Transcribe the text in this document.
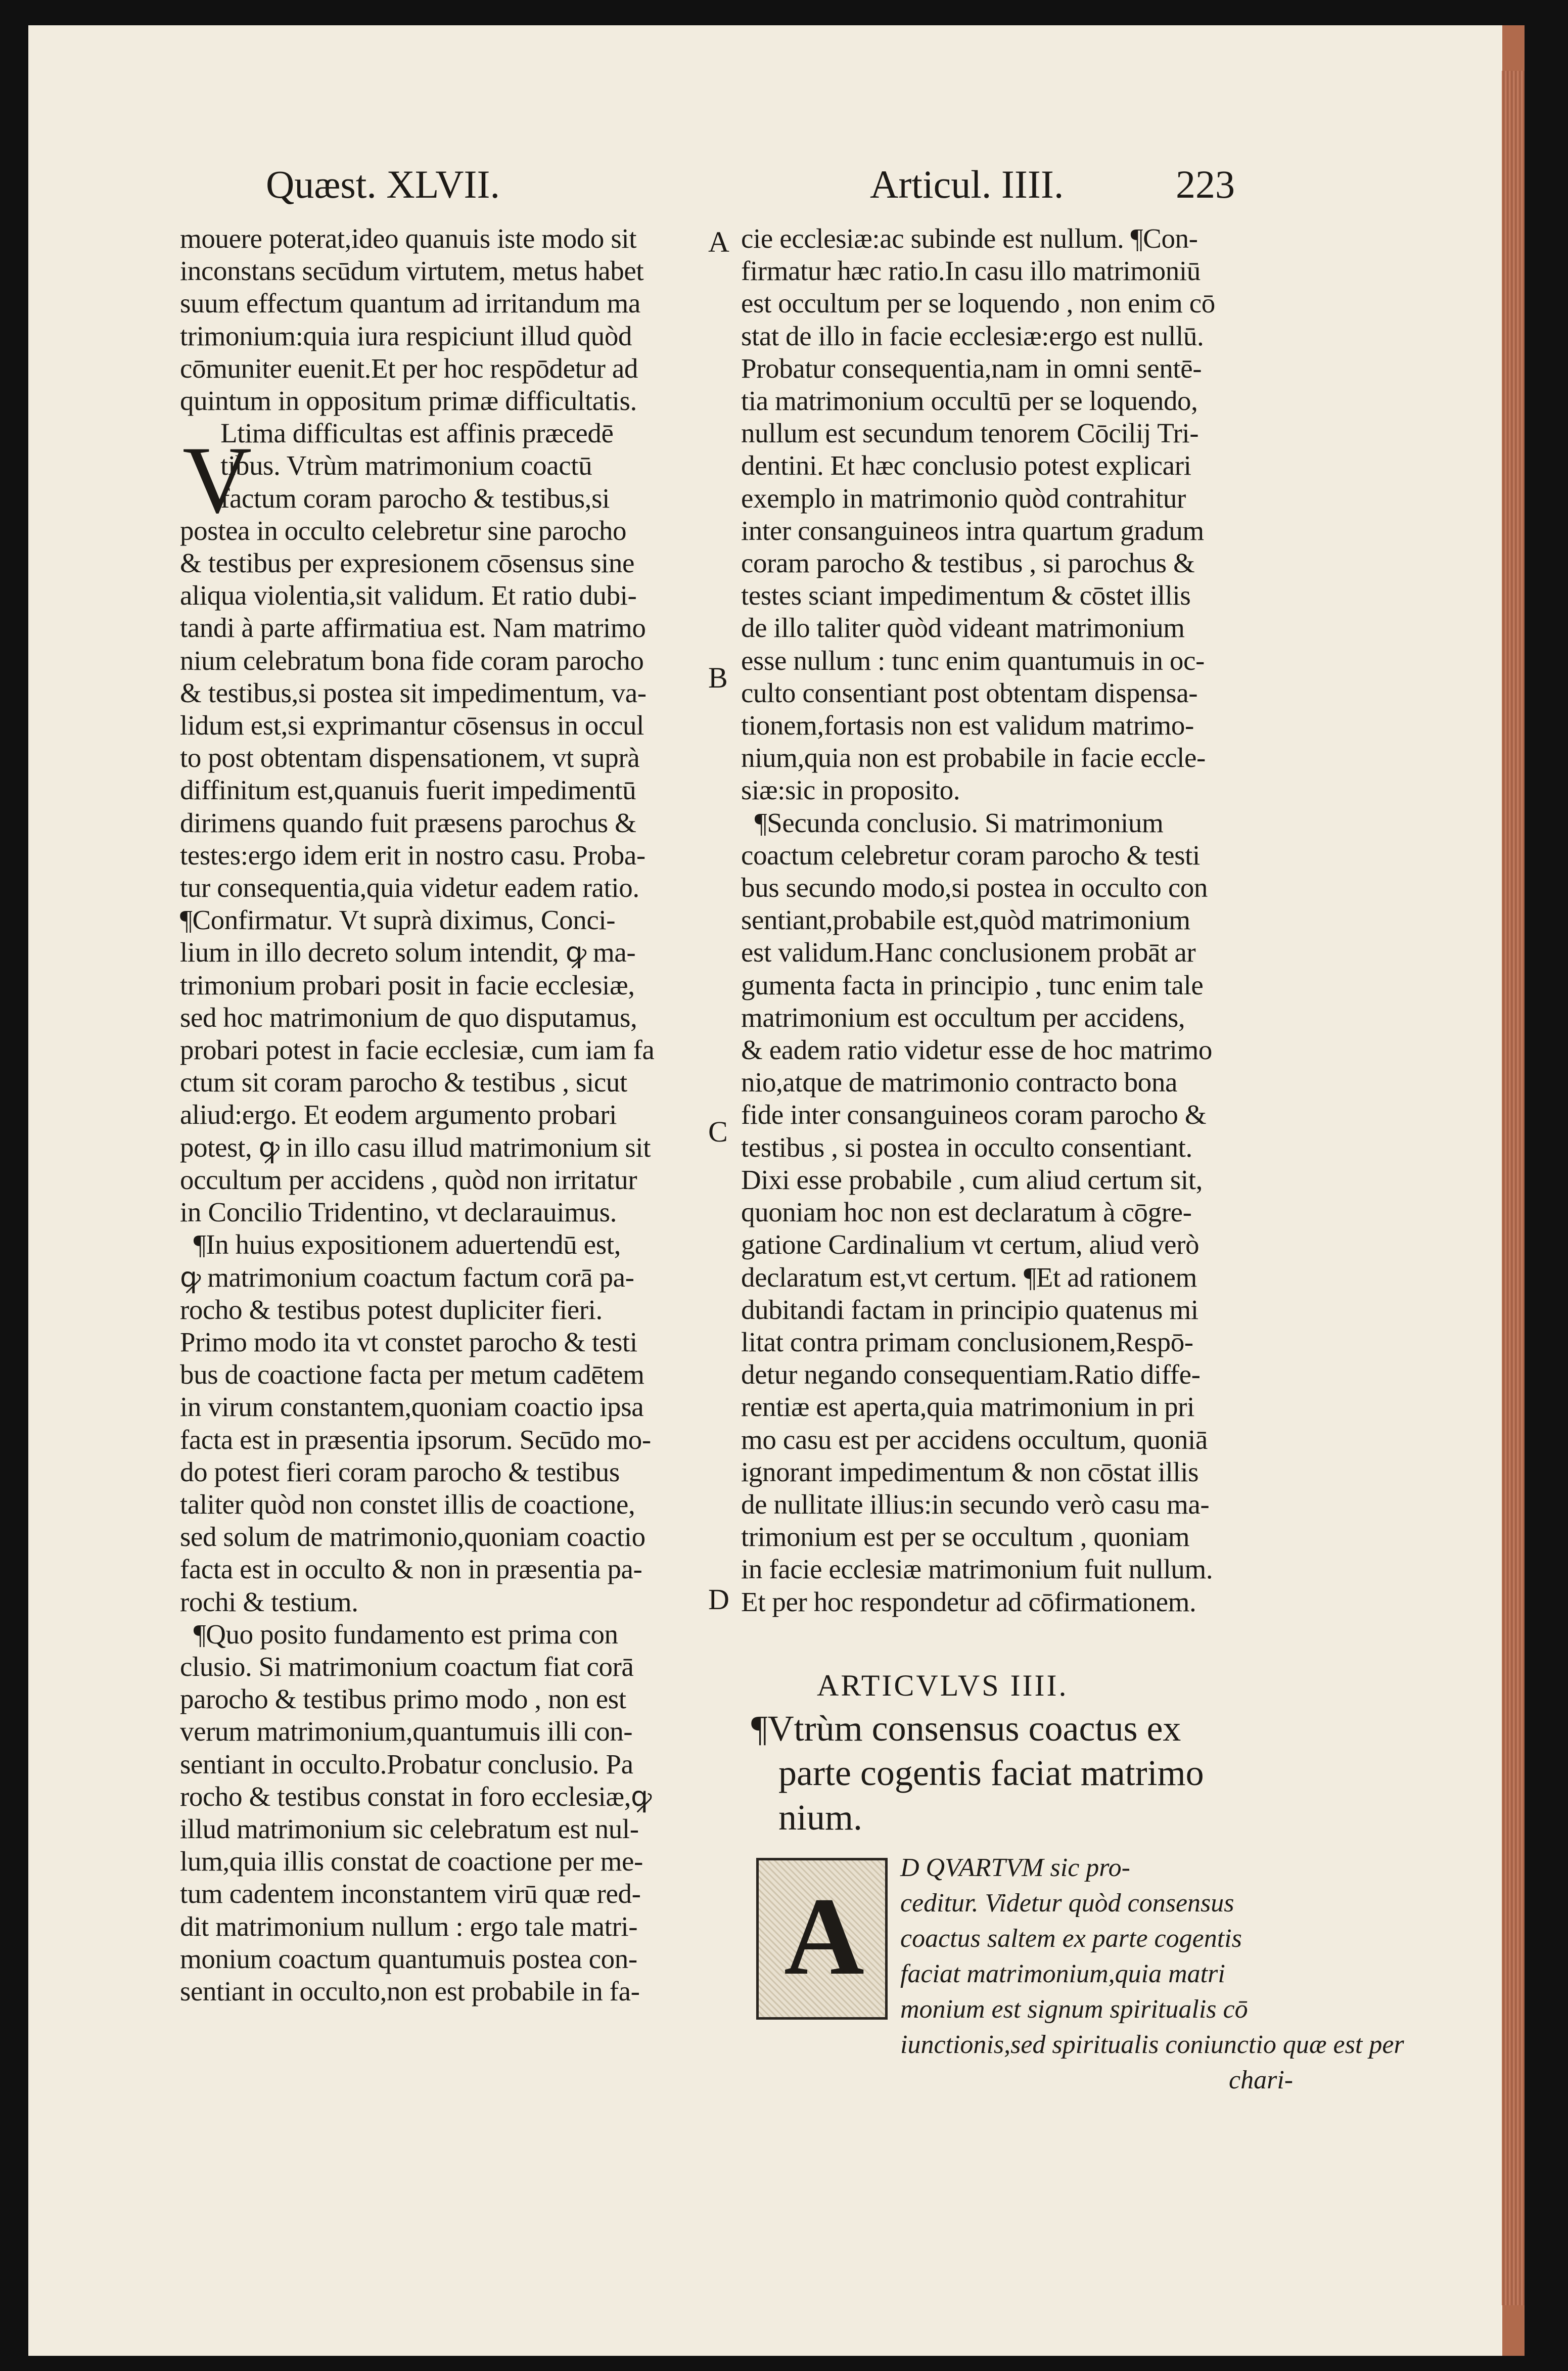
Quæst. XLVII.	Articul. IIII.	223
mouere poterat,ideo quanuis iste modo sit
inconstans secūdum virtutem, metus habet
suum effectum quantum ad irritandum ma
trimonium:quia iura respiciunt illud quòd
cōmuniter euenit.Et per hoc respōdetur ad
quintum in oppositum primæ difficultatis.
Ltima difficultas est affinis præcedē
tibus. Vtrùm matrimonium coactū
factum coram parocho & testibus,si
postea in occulto celebretur sine parocho
& testibus per expresionem cōsensus sine
aliqua violentia,sit validum. Et ratio dubi-
tandi à parte affirmatiua est. Nam matrimo
nium celebratum bona fide coram parocho
& testibus,si postea sit impedimentum, va-
lidum est,si exprimantur cōsensus in occul
to post obtentam dispensationem, vt suprà
diffinitum est,quanuis fuerit impedimentū
dirimens quando fuit præsens parochus &
testes:ergo idem erit in nostro casu. Proba-
tur consequentia,quia videtur eadem ratio.
¶Confirmatur. Vt suprà diximus, Conci-
lium in illo decreto solum intendit, ꝙ ma-
trimonium probari posit in facie ecclesiæ,
sed hoc matrimonium de quo disputamus,
probari potest in facie ecclesiæ, cum iam fa
ctum sit coram parocho & testibus , sicut
aliud:ergo. Et eodem argumento probari
potest, ꝙ in illo casu illud matrimonium sit
occultum per accidens , quòd non irritatur
in Concilio Tridentino, vt declarauimus.
¶In huius expositionem aduertendū est,
ꝙ matrimonium coactum factum corā pa-
rocho & testibus potest dupliciter fieri.
Primo modo ita vt constet parocho & testi
bus de coactione facta per metum cadētem
in virum constantem,quoniam coactio ipsa
facta est in præsentia ipsorum. Secūdo mo-
do potest fieri coram parocho & testibus
taliter quòd non constet illis de coactione,
sed solum de matrimonio,quoniam coactio
facta est in occulto & non in præsentia pa-
rochi & testium.
¶Quo posito fundamento est prima con
clusio. Si matrimonium coactum fiat corā
parocho & testibus primo modo , non est
verum matrimonium,quantumuis illi con-
sentiant in occulto.Probatur conclusio. Pa
rocho & testibus constat in foro ecclesiæ,ꝙ
illud matrimonium sic celebratum est nul-
lum,quia illis constat de coactione per me-
tum cadentem inconstantem virū quæ red-
dit matrimonium nullum : ergo tale matri-
monium coactum quantumuis postea con-
sentiant in occulto,non est probabile in fa-
V
A
B
C
D
cie ecclesiæ:ac subinde est nullum. ¶Con-
firmatur hæc ratio.In casu illo matrimoniū
est occultum per se loquendo , non enim cō
stat de illo in facie ecclesiæ:ergo est nullū.
Probatur consequentia,nam in omni sentē-
tia matrimonium occultū per se loquendo,
nullum est secundum tenorem Cōcilij Tri-
dentini. Et hæc conclusio potest explicari
exemplo in matrimonio quòd contrahitur
inter consanguineos intra quartum gradum
coram parocho & testibus , si parochus &
testes sciant impedimentum & cōstet illis
de illo taliter quòd videant matrimonium
esse nullum : tunc enim quantumuis in oc-
culto consentiant post obtentam dispensa-
tionem,fortasis non est validum matrimo-
nium,quia non est probabile in facie eccle-
siæ:sic in proposito.
¶Secunda conclusio. Si matrimonium
coactum celebretur coram parocho & testi
bus secundo modo,si postea in occulto con
sentiant,probabile est,quòd matrimonium
est validum.Hanc conclusionem probāt ar
gumenta facta in principio , tunc enim tale
matrimonium est occultum per accidens,
& eadem ratio videtur esse de hoc matrimo
nio,atque de matrimonio contracto bona
fide inter consanguineos coram parocho &
testibus , si postea in occulto consentiant.
Dixi esse probabile , cum aliud certum sit,
quoniam hoc non est declaratum à cōgre-
gatione Cardinalium vt certum, aliud verò
declaratum est,vt certum. ¶Et ad rationem
dubitandi factam in principio quatenus mi
litat contra primam conclusionem,Respō-
detur negando consequentiam.Ratio diffe-
rentiæ est aperta,quia matrimonium in pri
mo casu est per accidens occultum, quoniā
ignorant impedimentum & non cōstat illis
de nullitate illius:in secundo verò casu ma-
trimonium est per se occultum , quoniam
in facie ecclesiæ matrimonium fuit nullum.
Et per hoc respondetur ad cōfirmationem.
ARTICVLVS IIII.
¶Vtrùm consensus coactus ex
parte cogentis faciat matrimo
nium.
A
D QVARTVM sic pro-
ceditur. Videtur quòd consensus
coactus saltem ex parte cogentis
faciat matrimonium,quia matri
monium est signum spiritualis cō
iunctionis,sed spiritualis coniunctio quæ est per
chari-
